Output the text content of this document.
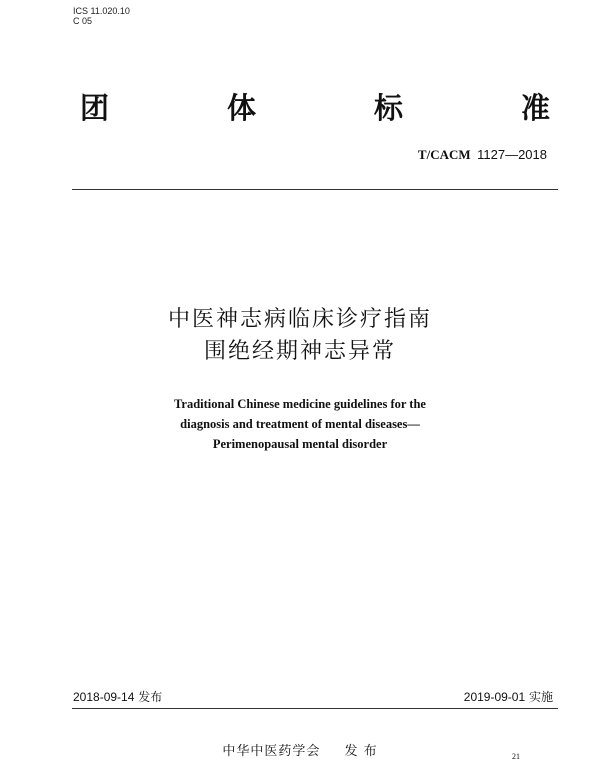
ICS 11.020.10
C 05
团	体	标	准
T/CACM 1127—2018
中医神志病临床诊疗指南
围绝经期神志异常
Traditional Chinese medicine guidelines for the
diagnosis and treatment of mental diseases—
Perimenopausal mental disorder
2018-09-14 发布	2019-09-01 实施
中华中医药学会 发 布	21
